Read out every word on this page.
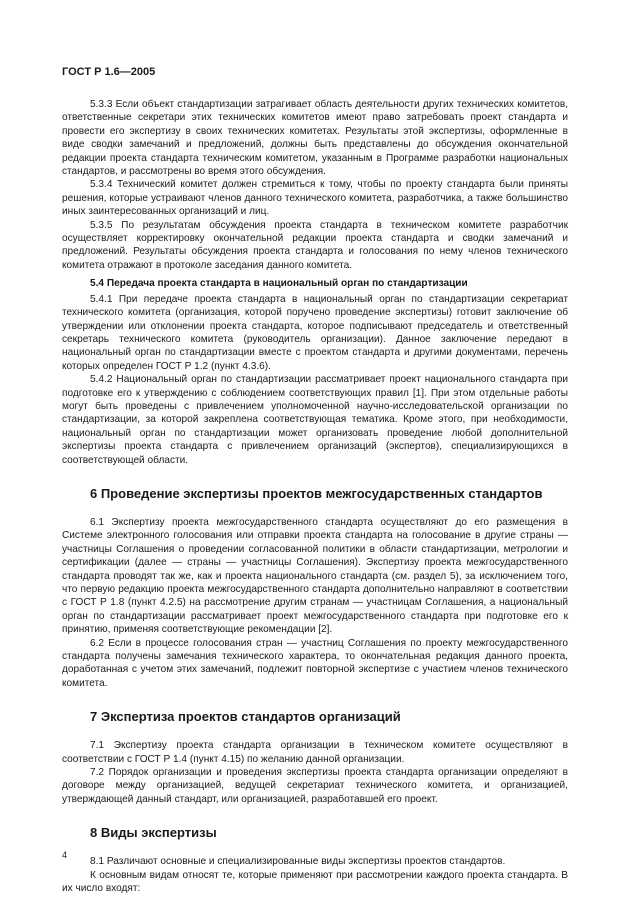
ГОСТ Р 1.6—2005

5.3.3 Если объект стандартизации затрагивает область деятельности других технических комитетов, ответственные секретари этих технических комитетов имеют право затребовать проект стандарта и провести его экспертизу в своих технических комитетах. Результаты этой экспертизы, оформленные в виде сводки замечаний и предложений, должны быть представлены до обсуждения окончательной редакции проекта стандарта техническим комитетом, указанным в Программе разработки национальных стандартов, и рассмотрены во время этого обсуждения.

5.3.4 Технический комитет должен стремиться к тому, чтобы по проекту стандарта были приняты решения, которые устраивают членов данного технического комитета, разработчика, а также большинство иных заинтересованных организаций и лиц.

5.3.5 По результатам обсуждения проекта стандарта в техническом комитете разработчик осуществляет корректировку окончательной редакции проекта стандарта и сводки замечаний и предложений. Результаты обсуждения проекта стандарта и голосования по нему членов технического комитета отражают в протоколе заседания данного комитета.

5.4 Передача проекта стандарта в национальный орган по стандартизации

5.4.1 При передаче проекта стандарта в национальный орган по стандартизации секретариат технического комитета (организация, которой поручено проведение экспертизы) готовит заключение об утверждении или отклонении проекта стандарта, которое подписывают председатель и ответственный секретарь технического комитета (руководитель организации). Данное заключение передают в национальный орган по стандартизации вместе с проектом стандарта и другими документами, перечень которых определен ГОСТ Р 1.2 (пункт 4.3.6).

5.4.2 Национальный орган по стандартизации рассматривает проект национального стандарта при подготовке его к утверждению с соблюдением соответствующих правил [1]. При этом отдельные работы могут быть проведены с привлечением уполномоченной научно-исследовательской организации по стандартизации, за которой закреплена соответствующая тематика. Кроме этого, при необходимости, национальный орган по стандартизации может организовать проведение любой дополнительной экспертизы проекта стандарта с привлечением организаций (экспертов), специализирующихся в соответствующей области.

6 Проведение экспертизы проектов межгосударственных стандартов

6.1 Экспертизу проекта межгосударственного стандарта осуществляют до его размещения в Системе электронного голосования или отправки проекта стандарта на голосование в другие страны — участницы Соглашения о проведении согласованной политики в области стандартизации, метрологии и сертификации (далее — страны — участницы Соглашения). Экспертизу проекта межгосударственного стандарта проводят так же, как и проекта национального стандарта (см. раздел 5), за исключением того, что первую редакцию проекта межгосударственного стандарта дополнительно направляют в соответствии с ГОСТ Р 1.8 (пункт 4.2.5) на рассмотрение другим странам — участницам Соглашения, а национальный орган по стандартизации рассматривает проект межгосударственного стандарта при подготовке его к принятию, применяя соответствующие рекомендации [2].

6.2 Если в процессе голосования стран — участниц Соглашения по проекту межгосударственного стандарта получены замечания технического характера, то окончательная редакция данного проекта, доработанная с учетом этих замечаний, подлежит повторной экспертизе с участием членов технического комитета.

7 Экспертиза проектов стандартов организаций

7.1 Экспертизу проекта стандарта организации в техническом комитете осуществляют в соответствии с ГОСТ Р 1.4 (пункт 4.15) по желанию данной организации.

7.2 Порядок организации и проведения экспертизы проекта стандарта организации определяют в договоре между организацией, ведущей секретариат технического комитета, и организацией, утверждающей данный стандарт, или организацией, разработавшей его проект.

8 Виды экспертизы

8.1 Различают основные и специализированные виды экспертизы проектов стандартов.

К основным видам относят те, которые применяют при рассмотрении каждого проекта стандарта. В их число входят:

4
